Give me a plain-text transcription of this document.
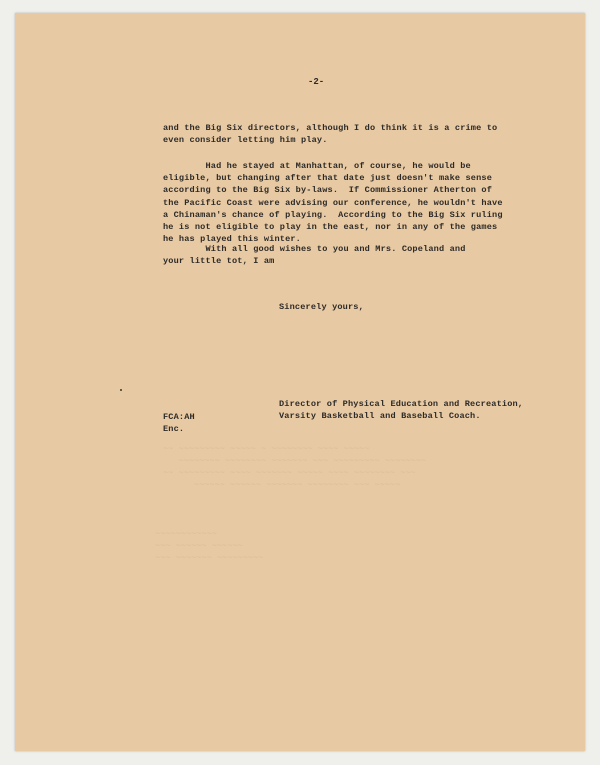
-2-
and the Big Six directors, although I do think it is a crime to
even consider letting him play.
Had he stayed at Manhattan, of course, he would be
eligible, but changing after that date just doesn't make sense
according to the Big Six by-laws.  If Commissioner Atherton of
the Pacific Coast were advising our conference, he wouldn't have
a Chinaman's chance of playing.  According to the Big Six ruling
he is not eligible to play in the east, nor in any of the games
he has played this winter.
With all good wishes to you and Mrs. Copeland and
your little tot, I am
Sincerely yours,
Director of Physical Education and Recreation,
Varsity Basketball and Baseball Coach.
FCA:AH
Enc.
~~ ~~~~~~~~~ ~~~~~ ~ ~~~~~~~~ ~~~~ ~~~~~
~~~~~~~~ ~~~~~~~~ ~~~~~~~ ~~~ ~~~~~~~~~ ~~~~~~~~
~~ ~~~~~~~~~ ~~~~ ~~~~~~~ ~~~~~ ~~~~ ~~~~~~~~ ~~~
~~~~~~ ~~~~~~ ~~~~~~~ ~~~~~~~~ ~~~ ~~~~~
~~~~~~~~~~~~
~~~ ~~~~~~ ~~~~~~
~~~ ~~~~~~~ ~~~~~~~~~
